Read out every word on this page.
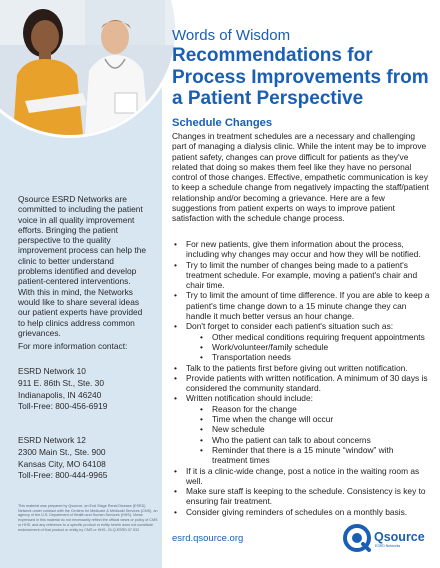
Qsource ESRD Networks are committed to including the patient voice in all quality improvement efforts. Bringing the patient perspective to the quality improvement process can help the clinic to better understand problems identified and develop patient-centered interventions. With this in mind, the Networks would like to share several ideas our patient experts have provided to help clinics address common grievances.
For more information contact:
ESRD Network 10
911 E. 86th St., Ste. 30
Indianapolis, IN 46240
Toll-Free: 800-456-6919
ESRD Network 12
2300 Main St., Ste. 900
Kansas City, MO 64108
Toll-Free: 800-444-9965
This material was prepared by Qsource, an End Stage Renal Disease (ESRD) Network under contract with the Centers for Medicare & Medicaid Services (CMS), an agency of the U.S. Department of Health and Human Services (HHS). Views expressed in this material do not necessarily reflect the official views or policy of CMS or HHS, and any reference to a specific product or entity herein does not constitute endorsement of that product or entity by CMS or HHS. 24.Q.ESRD.07.033
Words of Wisdom
Recommendations for Process Improvements from a Patient Perspective
Schedule Changes
Changes in treatment schedules are a necessary and challenging part of managing a dialysis clinic. While the intent may be to improve patient safety, changes can prove difficult for patients as they've related that doing so makes them feel like they have no personal control of those changes. Effective, empathetic communication is key to keep a schedule change from negatively impacting the staff/patient relationship and/or becoming a grievance. Here are a few suggestions from patient experts on ways to improve patient satisfaction with the schedule change process.
• For new patients, give them information about the process, including why changes may occur and how they will be notified.
• Try to limit the number of changes being made to a patient's treatment schedule. For example, moving a patient's chair and chair time.
• Try to limit the amount of time difference. If you are able to keep a patient's time change down to a 15 minute change they can handle it much better versus an hour change.
• Don't forget to consider each patient's situation such as:
• Other medical conditions requiring frequent appointments
• Work/volunteer/family schedule
• Transportation needs
• Talk to the patients first before giving out written notification.
• Provide patients with written notification. A minimum of 30 days is considered the community standard.
• Written notification should include:
• Reason for the change
• Time when the change will occur
• New schedule
• Who the patient can talk to about concerns
• Reminder that there is a 15 minute “window” with treatment times
• If it is a clinic-wide change, post a notice in the waiting room as well.
• Make sure staff is keeping to the schedule. Consistency is key to ensuring fair treatment.
• Consider giving reminders of schedules on a monthly basis.
esrd.qsource.org	Qsource
ESRD Networks
